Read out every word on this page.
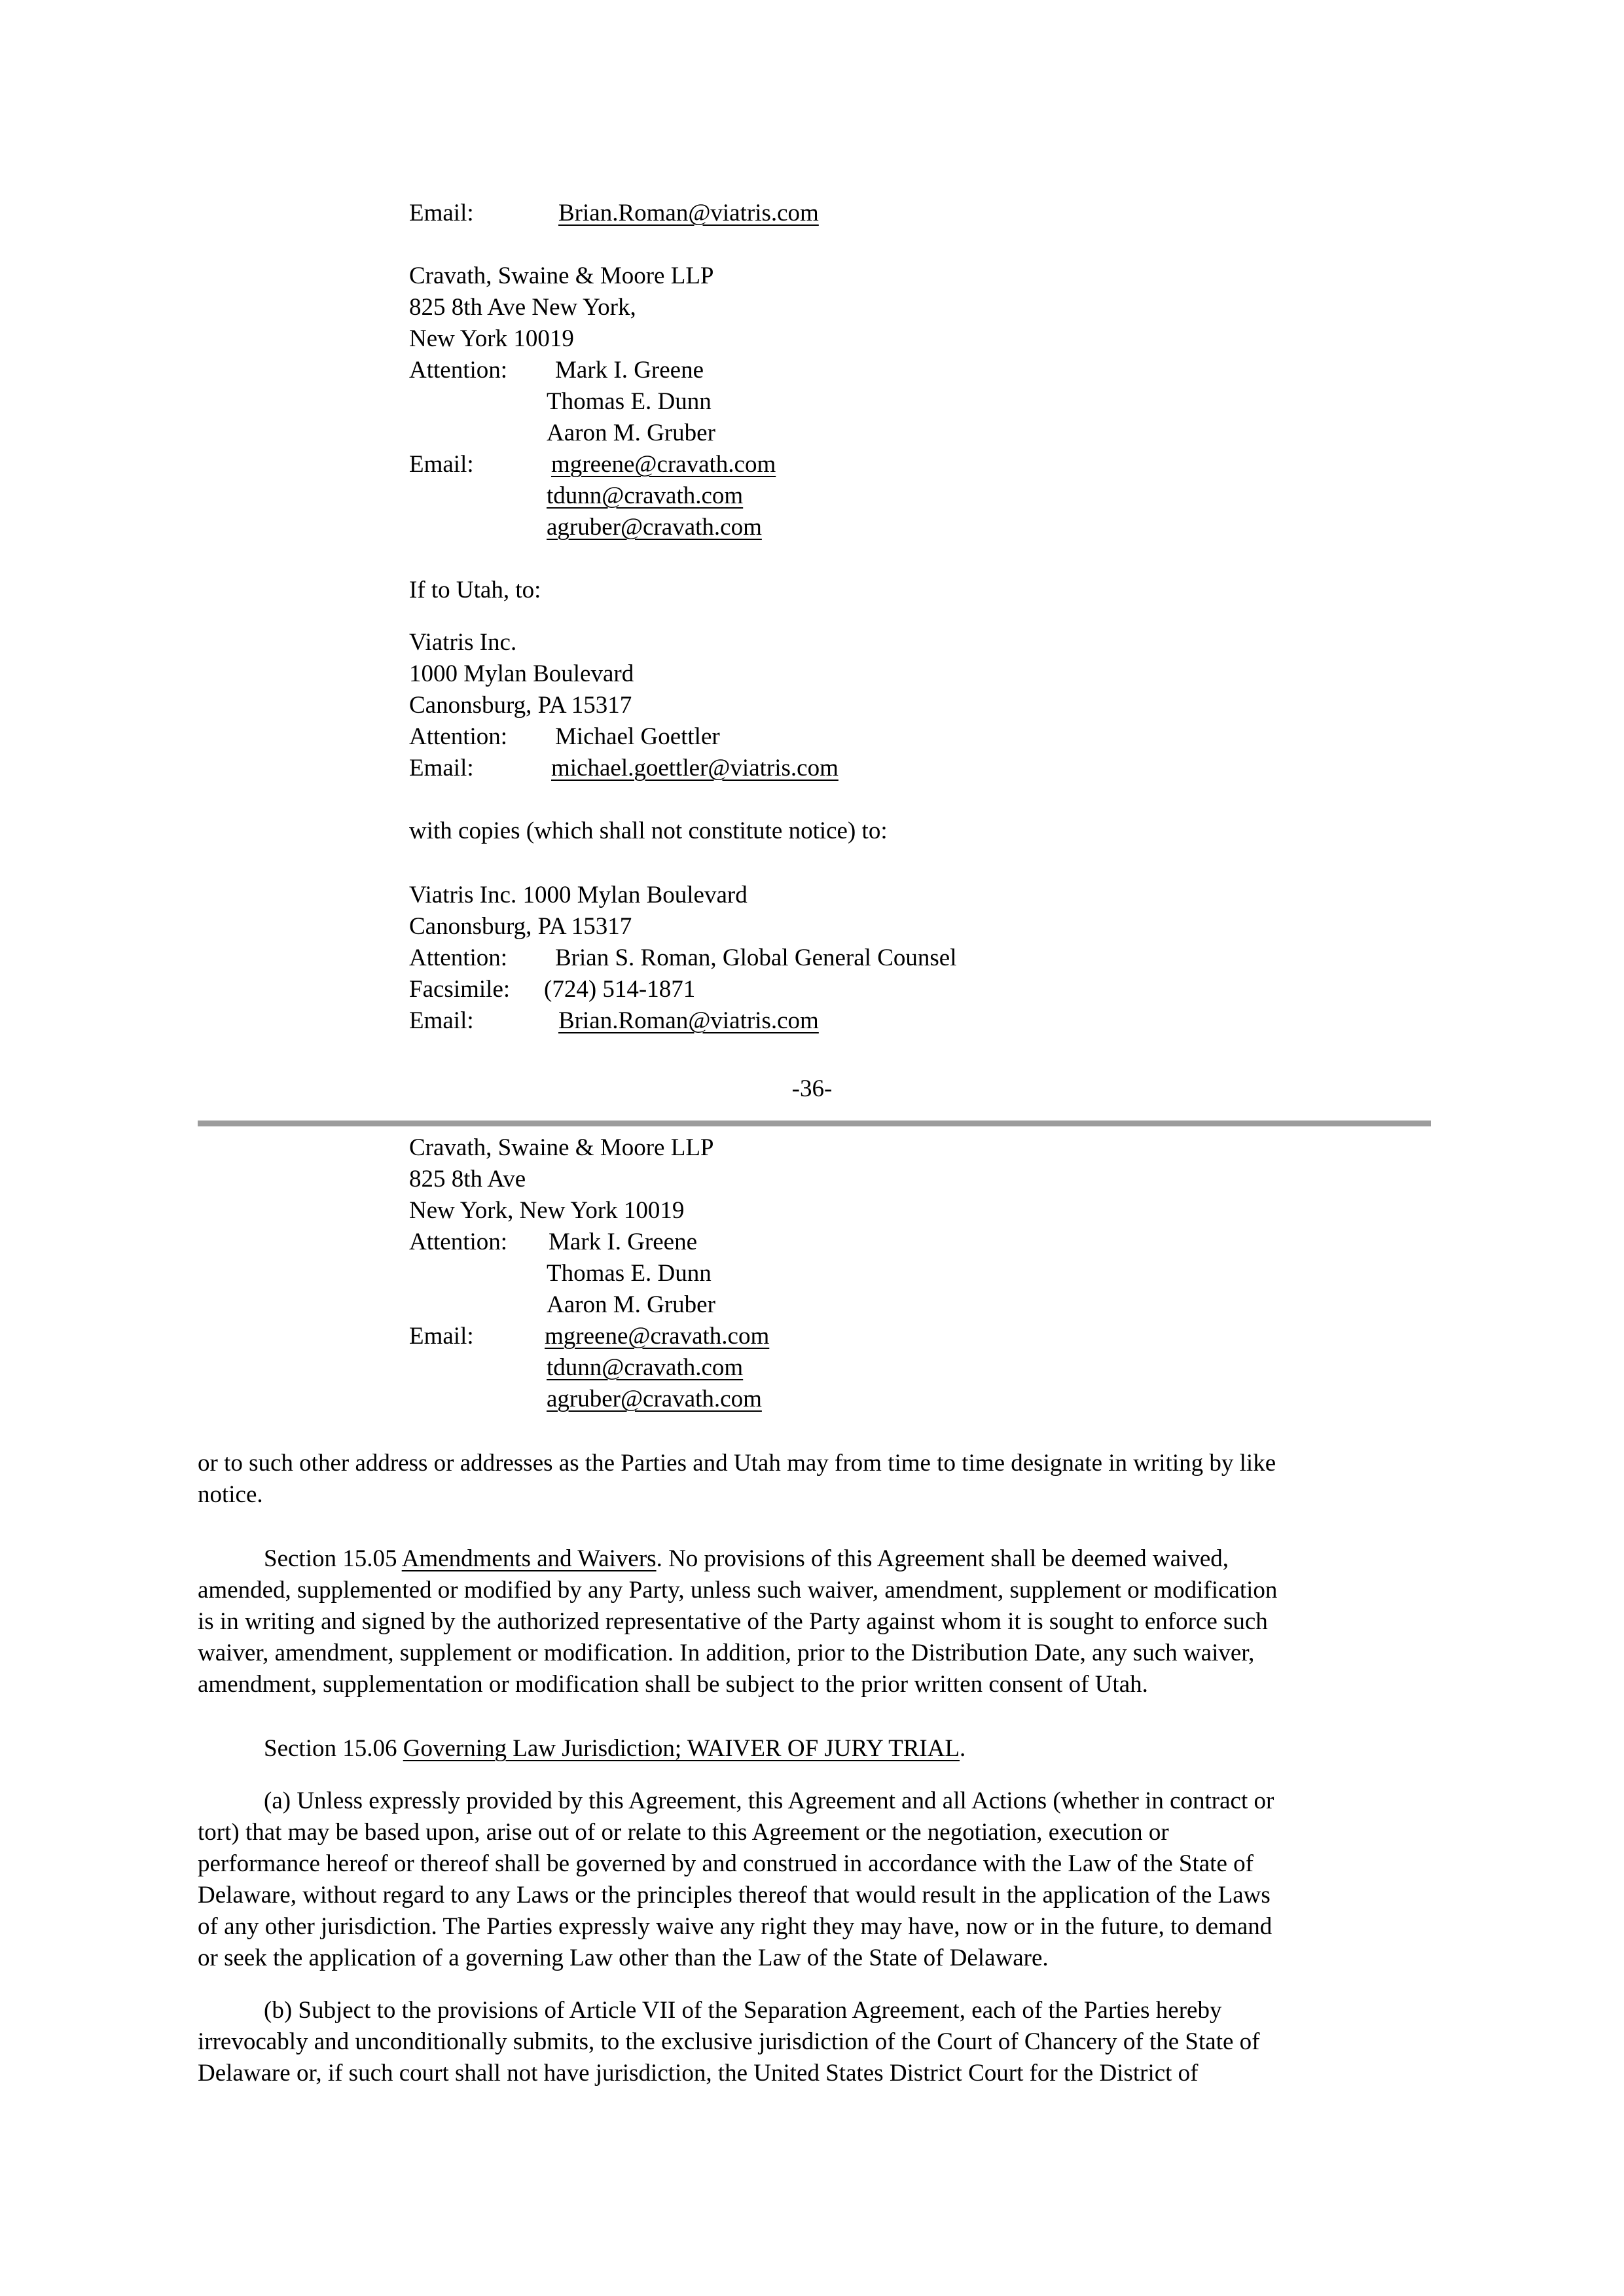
Email:	Brian.Roman@viatris.com
Cravath, Swaine & Moore LLP
825 8th Ave New York,
New York 10019
Attention: Mark I. Greene
Thomas E. Dunn
Aaron M. Gruber
Email:	mgreene@cravath.com
tdunn@cravath.com
agruber@cravath.com
If to Utah, to:
Viatris Inc.
1000 Mylan Boulevard
Canonsburg, PA 15317
Attention: Michael Goettler
Email:	michael.goettler@viatris.com
with copies (which shall not constitute notice) to:
Viatris Inc. 1000 Mylan Boulevard
Canonsburg, PA 15317
Attention: Brian S. Roman, Global General Counsel
Facsimile: (724) 514-1871
Email:	Brian.Roman@viatris.com
-36-
Cravath, Swaine & Moore LLP
825 8th Ave
New York, New York 10019
Attention: Mark I. Greene
Thomas E. Dunn
Aaron M. Gruber
Email:	mgreene@cravath.com
tdunn@cravath.com
agruber@cravath.com
or to such other address or addresses as the Parties and Utah may from time to time designate in writing by like
notice.
Section 15.05 Amendments and Waivers. No provisions of this Agreement shall be deemed waived,
amended, supplemented or modified by any Party, unless such waiver, amendment, supplement or modification
is in writing and signed by the authorized representative of the Party against whom it is sought to enforce such
waiver, amendment, supplement or modification. In addition, prior to the Distribution Date, any such waiver,
amendment, supplementation or modification shall be subject to the prior written consent of Utah.
Section 15.06 Governing Law Jurisdiction; WAIVER OF JURY TRIAL.
(a) Unless expressly provided by this Agreement, this Agreement and all Actions (whether in contract or
tort) that may be based upon, arise out of or relate to this Agreement or the negotiation, execution or
performance hereof or thereof shall be governed by and construed in accordance with the Law of the State of
Delaware, without regard to any Laws or the principles thereof that would result in the application of the Laws
of any other jurisdiction. The Parties expressly waive any right they may have, now or in the future, to demand
or seek the application of a governing Law other than the Law of the State of Delaware.
(b) Subject to the provisions of Article VII of the Separation Agreement, each of the Parties hereby
irrevocably and unconditionally submits, to the exclusive jurisdiction of the Court of Chancery of the State of
Delaware or, if such court shall not have jurisdiction, the United States District Court for the District of
